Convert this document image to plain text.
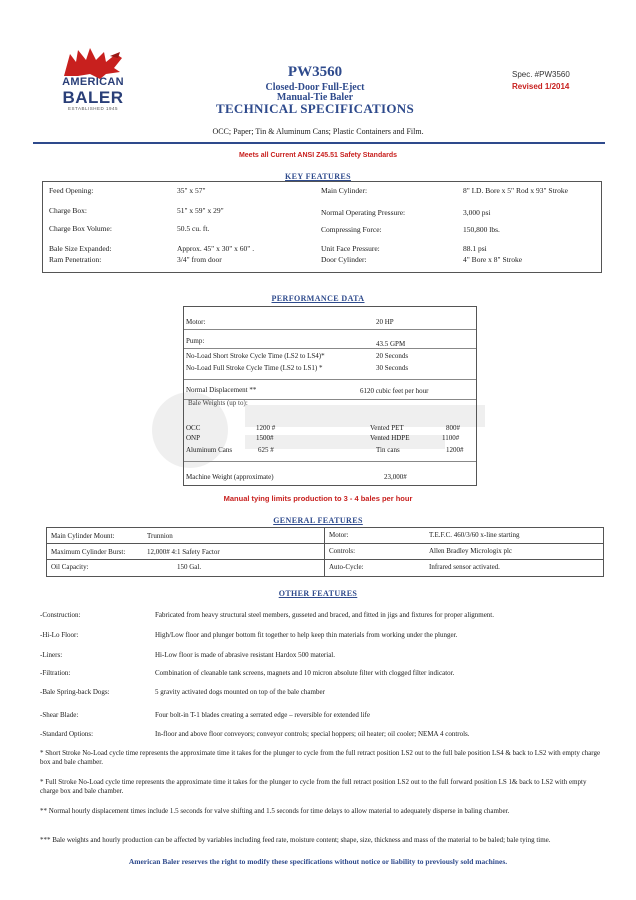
AMERICAN
BALER
ESTABLISHED 1945
PW3560
Closed-Door Full-Eject
Manual-Tie Baler
TECHNICAL SPECIFICATIONS
Spec. #PW3560
Revised 1/2014
OCC; Paper; Tin & Aluminum Cans; Plastic Containers and Film.
Meets all Current ANSI Z45.51 Safety Standards
KEY FEATURES
Feed Opening:	35" x 57"
Charge Box:	51" x 59" x 29"
Charge Box Volume:	50.5 cu. ft.
Bale Size Expanded:	Approx. 45" x 30" x 60" .
Ram Penetration:	3/4" from door
Main Cylinder:	8" I.D. Bore x 5" Rod x 93" Stroke
Normal Operating Pressure:	3,000 psi
Compressing Force:	150,800 lbs.
Unit Face Pressure:	88.1 psi
Door Cylinder:	4" Bore x 8" Stroke
PERFORMANCE DATA
Motor:	20 HP
Pump:	43.5 GPM
No-Load Short Stroke Cycle Time (LS2 to LS4)*	20 Seconds
No-Load Full Stroke Cycle Time (LS2 to LS1) *	30 Seconds
Normal Displacement **	6120 cubic feet per hour
Bale Weights (up to):
OCC	1200 #	Vented PET	800#
ONP	1500#	Vented HDPE	1100#
Aluminum Cans	625 #	Tin cans	1200#
Machine Weight (approximate)	23,000#
Manual tying limits production to 3 - 4 bales per hour
GENERAL FEATURES
Main Cylinder Mount:	Trunnion	Motor:	T.E.F.C. 460/3/60 x-line starting
Maximum Cylinder Burst:	12,000# 4:1 Safety Factor	Controls:	Allen Bradley Micrologix plc
Oil Capacity:	150 Gal.	Auto-Cycle:	Infrared sensor activated.
OTHER FEATURES
-Construction:	Fabricated from heavy structural steel members, gusseted and braced, and fitted in jigs and fixtures for proper alignment.
-Hi-Lo Floor:	High/Low floor and plunger bottom fit together to help keep thin materials from working under the plunger.
-Liners:	Hi-Low floor is made of abrasive resistant Hardox 500 material.
-Filtration:	Combination of cleanable tank screens, magnets and 10 micron absolute filter with clogged filter indicator.
-Bale Spring-back Dogs:	5 gravity activated dogs mounted on top of the bale chamber
-Shear Blade:	Four bolt-in T-1 blades creating a serrated edge – reversible for extended life
-Standard Options:	In-floor and above floor conveyors; conveyor controls; special hoppers; oil heater; oil cooler; NEMA 4 controls.
* Short Stroke No-Load cycle time represents the approximate time it takes for the plunger to cycle from the full retract position LS2 out to the full bale position LS4 & back to LS2 with empty charge box and bale chamber.
* Full Stroke No-Load cycle time represents the approximate time it takes for the plunger to cycle from the full retract position LS2 out to the full forward position LS 1& back to LS2 with empty charge box and bale chamber.
** Normal hourly displacement times include 1.5 seconds for valve shifting and 1.5 seconds for time delays to allow material to adequately disperse in baling chamber.
*** Bale weights and hourly production can be affected by variables including feed rate, moisture content; shape, size, thickness and mass of the material to be baled; bale tying time.
American Baler reserves the right to modify these specifications without notice or liability to previously sold machines.
